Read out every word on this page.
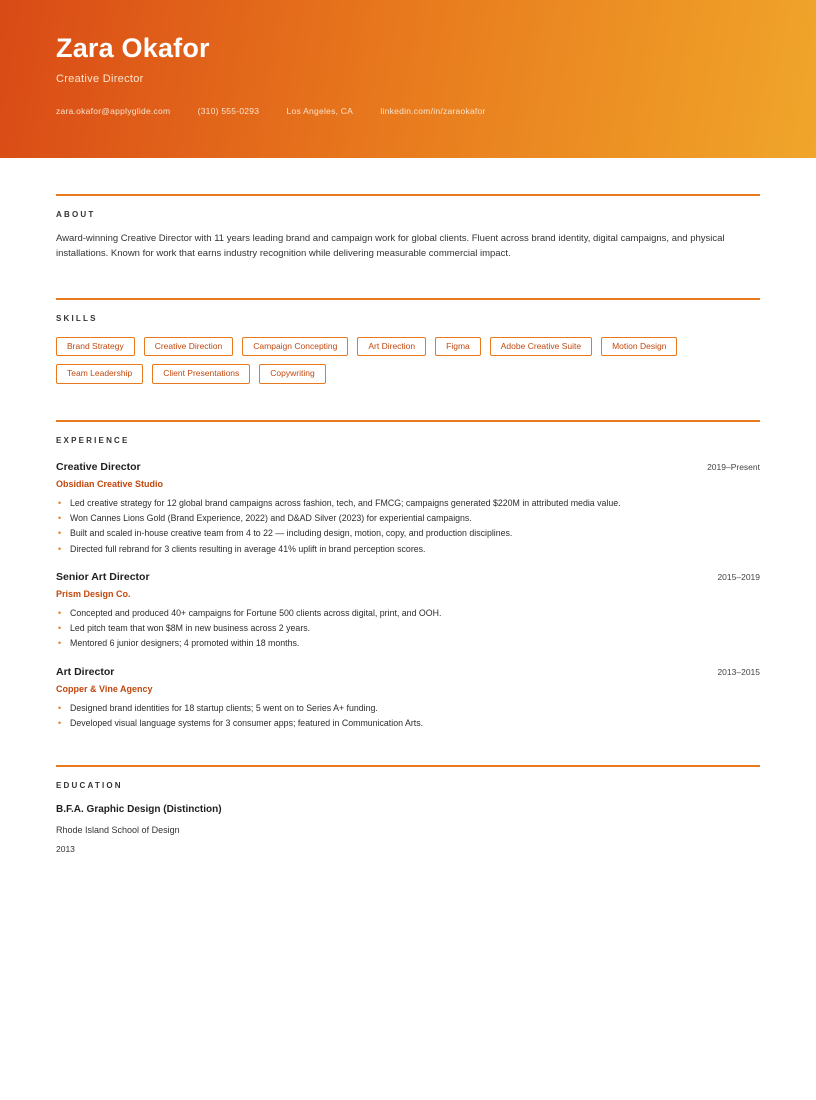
Zara Okafor
Creative Director
zara.okafor@applyglide.com	(310) 555-0293	Los Angeles, CA	linkedin.com/in/zaraokafor
ABOUT
Award-winning Creative Director with 11 years leading brand and campaign work for global clients. Fluent across brand identity, digital campaigns, and physical installations. Known for work that earns industry recognition while delivering measurable commercial impact.
SKILLS
Brand Strategy	Creative Direction	Campaign Concepting	Art Direction	Figma	Adobe Creative Suite	Motion Design
Team Leadership	Client Presentations	Copywriting
EXPERIENCE
Creative Director	2019–Present
Obsidian Creative Studio
• Led creative strategy for 12 global brand campaigns across fashion, tech, and FMCG; campaigns generated $220M in attributed media value.
• Won Cannes Lions Gold (Brand Experience, 2022) and D&AD Silver (2023) for experiential campaigns.
• Built and scaled in-house creative team from 4 to 22 — including design, motion, copy, and production disciplines.
• Directed full rebrand for 3 clients resulting in average 41% uplift in brand perception scores.
Senior Art Director	2015–2019
Prism Design Co.
• Concepted and produced 40+ campaigns for Fortune 500 clients across digital, print, and OOH.
• Led pitch team that won $8M in new business across 2 years.
• Mentored 6 junior designers; 4 promoted within 18 months.
Art Director	2013–2015
Copper & Vine Agency
• Designed brand identities for 18 startup clients; 5 went on to Series A+ funding.
• Developed visual language systems for 3 consumer apps; featured in Communication Arts.
EDUCATION
B.F.A. Graphic Design (Distinction)
Rhode Island School of Design
2013
